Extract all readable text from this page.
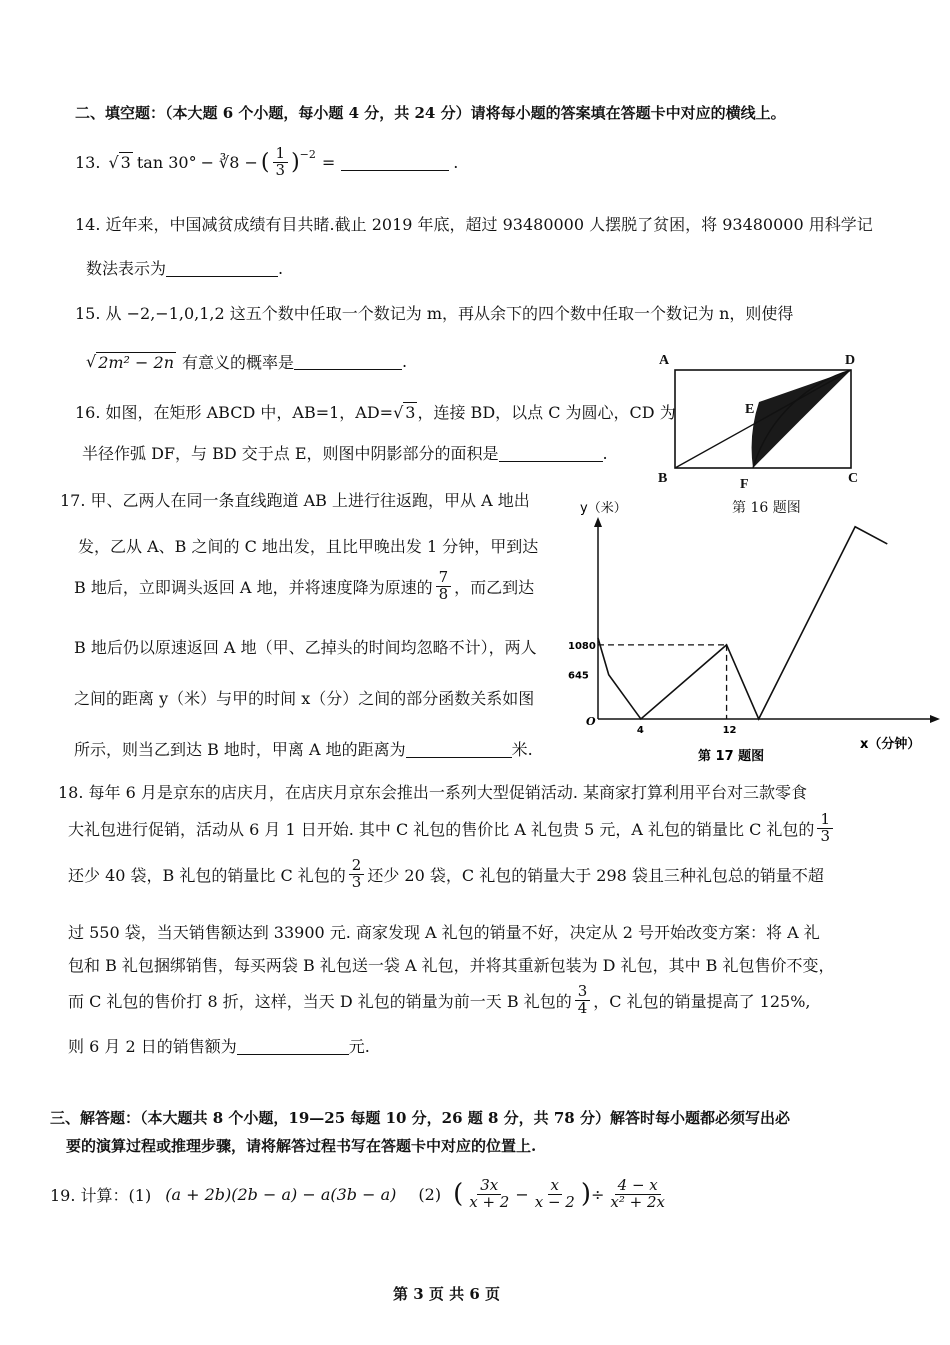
二、填空题：（本大题 6 个小题，每小题 4 分，共 24 分）请将每小题的答案填在答题卡中对应的横线上。
13. √ 3 tan 30° − ∛8 − ( $\frac{1}{3} )^{-2}$ =	.
14. 近年来，中国减贫成绩有目共睹.截止 2019 年底，超过 93480000 人摆脱了贫困，将 93480000 用科学记
数法表示为	.
15. 从 −2,−1,0,1,2 这五个数中任取一个数记为 m，再从余下的四个数中任取一个数记为 n，则使得
√ 2m² − 2n 有意义的概率是	.
16. 如图，在矩形 ABCD 中，AB=1，AD=√ 3 ，连接 BD，以点 C 为圆心，CD 为
半径作弧 DF，与 BD 交于点 E，则图中阴影部分的面积是	.
A	D
E
B	F	C
第 16 题图
17. 甲、乙两人在同一条直线跑道 AB 上进行往返跑，甲从 A 地出
发，乙从 A、B 之间的 C 地出发，且比甲晚出发 1 分钟，甲到达
B 地后，立即调头返回 A 地，并将速度降为原速的 $\frac{7}{8}$ ，而乙到达
B 地后仍以原速返回 A 地（甲、乙掉头的时间均忽略不计），两人
之间的距离 y（米）与甲的时间 x（分）之间的部分函数关系如图
所示，则当乙到达 B 地时，甲离 A 地的距离为	米.
y（米）
x（分钟）
O
第 17 题图
645
1080
4	12
18. 每年 6 月是京东的店庆月，在店庆月京东会推出一系列大型促销活动. 某商家打算利用平台对三款零食
大礼包进行促销，活动从 6 月 1 日开始. 其中 C 礼包的售价比 A 礼包贵 5 元，A 礼包的销量比 C 礼包的 $\frac{1}{3}$
还少 40 袋，B 礼包的销量比 C 礼包的 $\frac{2}{3}$ 还少 20 袋，C 礼包的销量大于 298 袋且三种礼包总的销量不超
过 550 袋，当天销售额达到 33900 元. 商家发现 A 礼包的销量不好，决定从 2 号开始改变方案：将 A 礼
包和 B 礼包捆绑销售，每买两袋 B 礼包送一袋 A 礼包，并将其重新包装为 D 礼包，其中 B 礼包售价不变，
而 C 礼包的售价打 8 折，这样，当天 D 礼包的销量为前一天 B 礼包的 $\frac{3}{4}$ ，C 礼包的销量提高了 125%,
则 6 月 2 日的销售额为	元.
三、解答题：（本大题共 8 个小题，19—25 每题 10 分，26 题 8 分，共 78 分）解答时每小题都必须写出必
要的演算过程或推理步骤，请将解答过程书写在答题卡中对应的位置上.
19. 计算：(1) (a + 2b)(2b − a) − a(3b − a) (2) ( $\frac{3x}{x + 2} - \frac{x}{x - 2}$ ) ÷ $\frac{4 - x}{\text{x² + 2x}}$
第 3 页 共 6 页
